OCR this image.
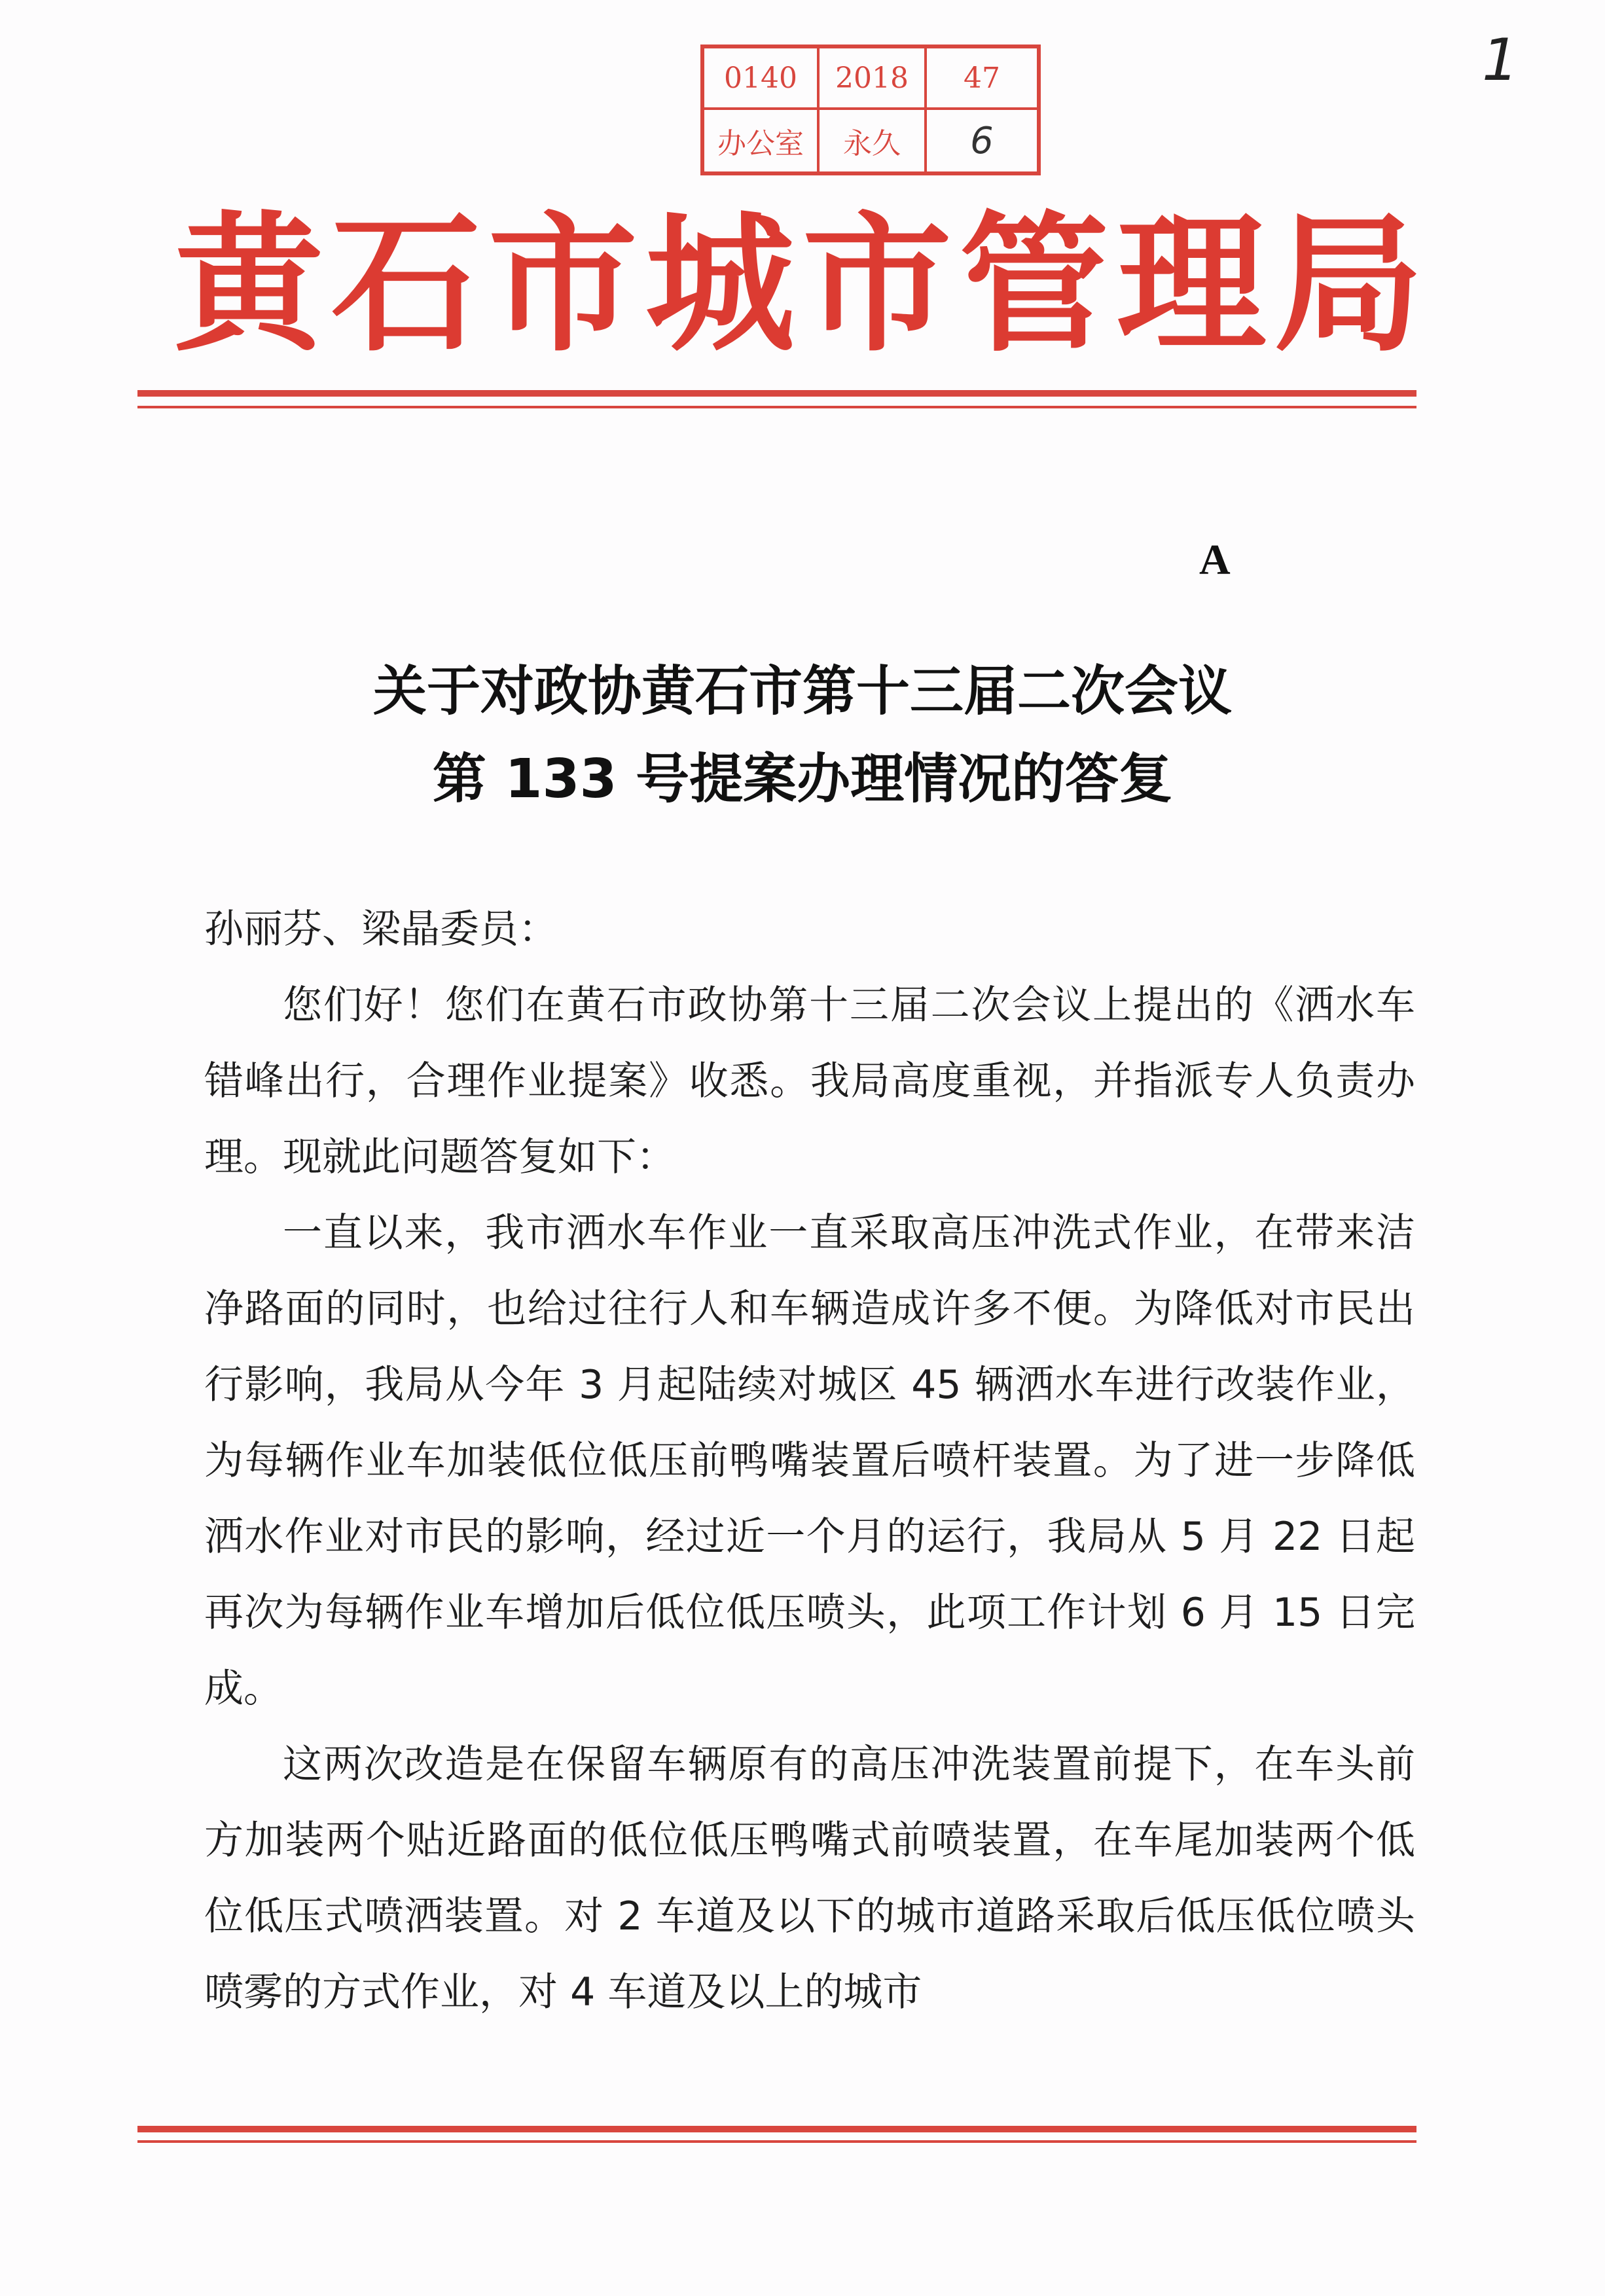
0140	2018	47
办公室	永久	6
1
黄石市城市管理局
A
关于对政协黄石市第十三届二次会议
第 133 号提案办理情况的答复

孙丽芬、梁晶委员：

您们好！您们在黄石市政协第十三届二次会议上提出的《洒水车错峰出行，合理作业提案》收悉。我局高度重视，并指派专人负责办理。现就此问题答复如下：

一直以来，我市洒水车作业一直采取高压冲洗式作业，在带来洁净路面的同时，也给过往行人和车辆造成许多不便。为降低对市民出行影响，我局从今年 3 月起陆续对城区 45 辆洒水车进行改装作业，为每辆作业车加装低位低压前鸭嘴装置后喷杆装置。为了进一步降低洒水作业对市民的影响，经过近一个月的运行，我局从 5 月 22 日起再次为每辆作业车增加后低位低压喷头，此项工作计划 6 月 15 日完成。

这两次改造是在保留车辆原有的高压冲洗装置前提下，在车头前方加装两个贴近路面的低位低压鸭嘴式前喷装置，在车尾加装两个低位低压式喷洒装置。对 2 车道及以下的城市道路采取后低压低位喷头喷雾的方式作业，对 4 车道及以上的城市
